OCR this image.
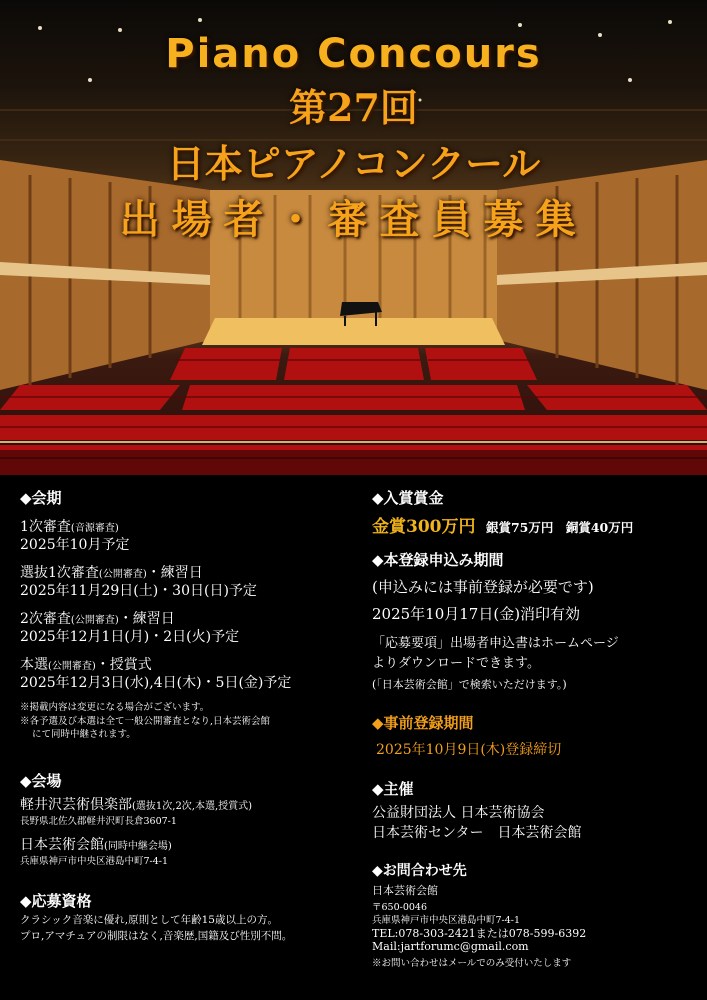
Piano Concours
第27回
日本ピアノコンクール
出場者・審査員募集
◆会期
1次審査(音源審査)
2025年10月予定
選抜1次審査(公開審査)・練習日
2025年11月29日(土)・30日(日)予定
2次審査(公開審査)・練習日
2025年12月1日(月)・2日(火)予定
本選(公開審査)・授賞式
2025年12月3日(水),4日(木)・5日(金)予定
※掲載内容は変更になる場合がございます。
※各予選及び本選は全て一般公開審査となり,日本芸術会館
にて同時中継されます。
◆会場
軽井沢芸術倶楽部(選抜1次,2次,本選,授賞式)
長野県北佐久郡軽井沢町長倉3607-1
日本芸術会館(同時中継会場)
兵庫県神戸市中央区港島中町7-4-1
◆応募資格
クラシック音楽に優れ,原則として年齢15歳以上の方。
プロ,アマチュアの制限はなく,音楽歴,国籍及び性別不問。
◆入賞賞金
金賞300万円 銀賞75万円 銅賞40万円
◆本登録申込み期間
(申込みには事前登録が必要です)
2025年10月17日(金)消印有効
「応募要項」出場者申込書はホームページ
よりダウンロードできます。
(「日本芸術会館」で検索いただけます。)
◆事前登録期間
2025年10月9日(木)登録締切
◆主催
公益財団法人 日本芸術協会
日本芸術センター　日本芸術会館
◆お問合わせ先
日本芸術会館
〒650-0046
兵庫県神戸市中央区港島中町7-4-1
TEL:078-303-2421または078-599-6392
Mail:jartforumc@gmail.com
※お問い合わせはメールでのみ受付いたします
